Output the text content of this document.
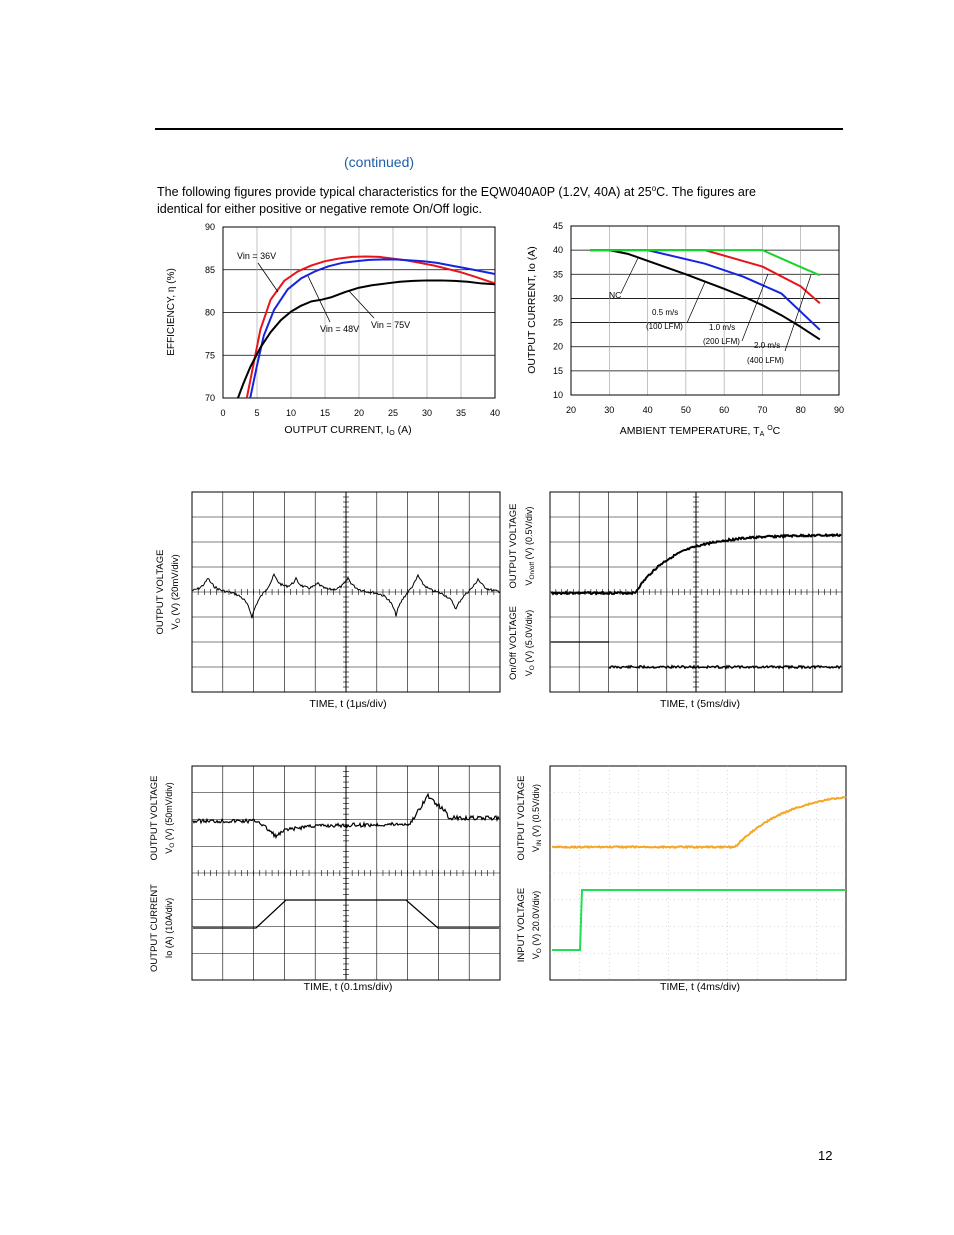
(continued)
The following figures provide typical characteristics for the EQW040A0P (1.2V, 40A) at 25$^o$C. The figures are
identical for either positive or negative remote On/Off logic.
70
75
80
85
90
0	5	10	15	20	25	30	35	40
EFFICIENCY, η (%)
OUTPUT CURRENT, IO (A)
Vin = 36V
Vin = 48V Vin = 75V
10
15
20
25
30
35
40
45
20	30	40	50	60	70	80	90
OUTPUT CURRENT, Io (A)
AMBIENT TEMPERATURE, TA $^O$C
NC
0.5 m/s
(100 LFM)	1.0 m/s
(200 LFM) 2.0 m/s
(400 LFM)
OUTPUT VOLTAGE $V_O$ (V) (20mV/div)
TIME, t (1μs/div)
OUTPUT VOLTAGE $V_{On/off}$ (V) (0.5V/div)
On/Off VOLTAGE $V_O$ (V) (5.0V/div)
TIME, t (5ms/div)
OUTPUT VOLTAGE $V_O$ (V) (50mV/div)
OUTPUT CURRENT Io (A) (10A/div)
TIME, t (0.1ms/div)
OUTPUT VOLTAGE $V_{IN}$ (V) (0.5V/div)
INPUT VOLTAGE $V_O$ (V) 20.0V/div)
TIME, t (4ms/div)
12
